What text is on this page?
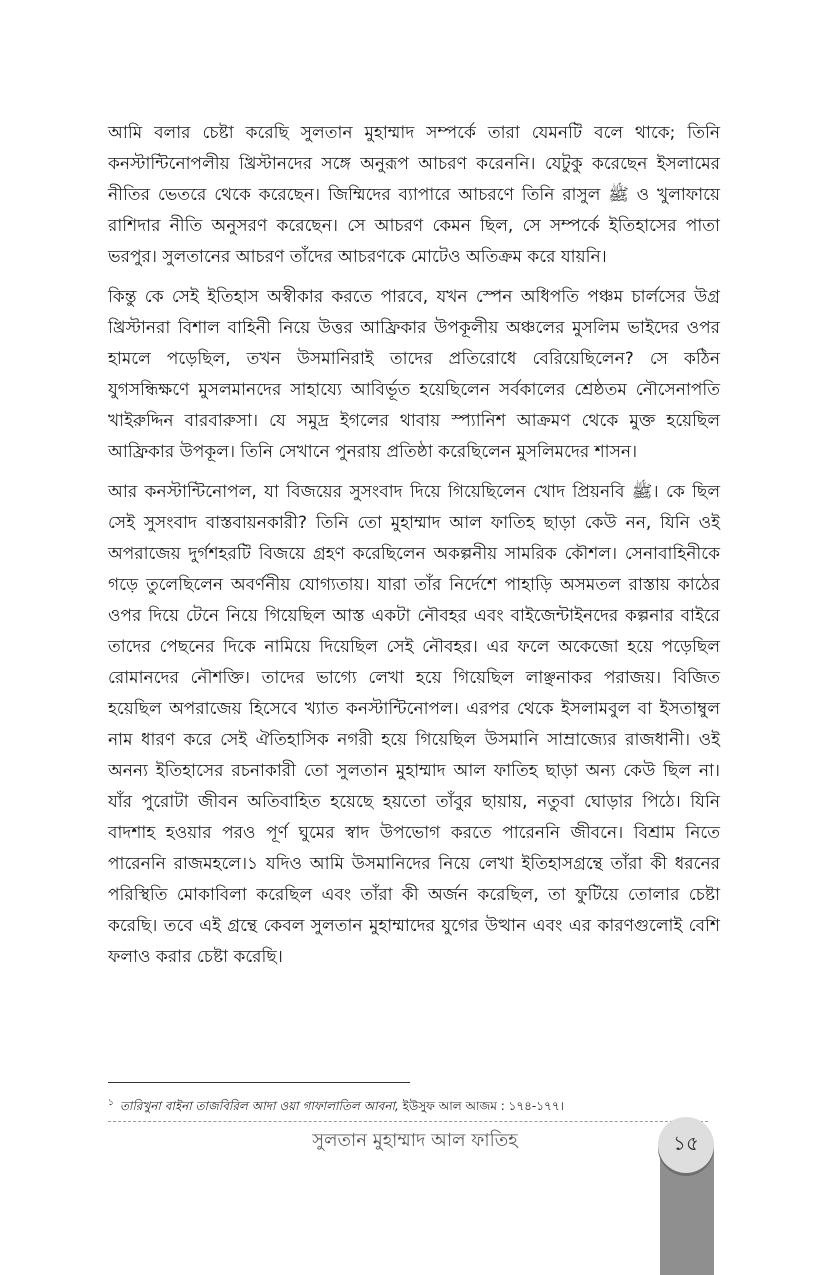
আমি বলার চেষ্টা করেছি সুলতান মুহাম্মাদ সম্পর্কে তারা যেমনটি বলে থাকে; তিনি কনস্টান্টিনোপলীয় খ্রিস্টানদের সঙ্গে অনুরূপ আচরণ করেননি। যেটুকু করেছেন ইসলামের নীতির ভেতরে থেকে করেছেন। জিম্মিদের ব্যাপারে আচরণে তিনি রাসুল ﷺ ও খুলাফায়ে রাশিদার নীতি অনুসরণ করেছেন। সে আচরণ কেমন ছিল, সে সম্পর্কে ইতিহাসের পাতা ভরপুর। সুলতানের আচরণ তাঁদের আচরণকে মোটেও অতিক্রম করে যায়নি।

কিন্তু কে সেই ইতিহাস অস্বীকার করতে পারবে, যখন স্পেন অধিপতি পঞ্চম চার্লসের উগ্র খ্রিস্টানরা বিশাল বাহিনী নিয়ে উত্তর আফ্রিকার উপকূলীয় অঞ্চলের মুসলিম ভাইদের ওপর হামলে পড়েছিল, তখন উসমানিরাই তাদের প্রতিরোধে বেরিয়েছিলেন? সে কঠিন যুগসন্ধিক্ষণে মুসলমানদের সাহায্যে আবির্ভূত হয়েছিলেন সর্বকালের শ্রেষ্ঠতম নৌসেনাপতি খাইরুদ্দিন বারবারুসা। যে সমুদ্র ইগলের থাবায় স্প্যানিশ আক্রমণ থেকে মুক্ত হয়েছিল আফ্রিকার উপকূল। তিনি সেখানে পুনরায় প্রতিষ্ঠা করেছিলেন মুসলিমদের শাসন।

আর কনস্টান্টিনোপল, যা বিজয়ের সুসংবাদ দিয়ে গিয়েছিলেন খোদ প্রিয়নবি ﷺ। কে ছিল সেই সুসংবাদ বাস্তবায়নকারী? তিনি তো মুহাম্মাদ আল ফাতিহ ছাড়া কেউ নন, যিনি ওই অপরাজেয় দুর্গশহরটি বিজয়ে গ্রহণ করেছিলেন অকল্পনীয় সামরিক কৌশল। সেনাবাহিনীকে গড়ে তুলেছিলেন অবর্ণনীয় যোগ্যতায়। যারা তাঁর নির্দেশে পাহাড়ি অসমতল রাস্তায় কাঠের ওপর দিয়ে টেনে নিয়ে গিয়েছিল আস্ত একটা নৌবহর এবং বাইজেন্টাইনদের কল্পনার বাইরে তাদের পেছনের দিকে নামিয়ে দিয়েছিল সেই নৌবহর। এর ফলে অকেজো হয়ে পড়েছিল রোমানদের নৌশক্তি। তাদের ভাগ্যে লেখা হয়ে গিয়েছিল লাঞ্ছনাকর পরাজয়। বিজিত হয়েছিল অপরাজেয় হিসেবে খ্যাত কনস্টান্টিনোপল। এরপর থেকে ইসলামবুল বা ইসতাম্বুল নাম ধারণ করে সেই ঐতিহাসিক নগরী হয়ে গিয়েছিল উসমানি সাম্রাজ্যের রাজধানী। ওই অনন্য ইতিহাসের রচনাকারী তো সুলতান মুহাম্মাদ আল ফাতিহ ছাড়া অন্য কেউ ছিল না। যাঁর পুরোটা জীবন অতিবাহিত হয়েছে হয়তো তাঁবুর ছায়ায়, নতুবা ঘোড়ার পিঠে। যিনি বাদশাহ হওয়ার পরও পূর্ণ ঘুমের স্বাদ উপভোগ করতে পারেননি জীবনে। বিশ্রাম নিতে পারেননি রাজমহলে।১ যদিও আমি উসমানিদের নিয়ে লেখা ইতিহাসগ্রন্থে তাঁরা কী ধরনের পরিস্থিতি মোকাবিলা করেছিল এবং তাঁরা কী অর্জন করেছিল, তা ফুটিয়ে তোলার চেষ্টা করেছি। তবে এই গ্রন্থে কেবল সুলতান মুহাম্মাদের যুগের উত্থান এবং এর কারণগুলোই বেশি ফলাও করার চেষ্টা করেছি।

$^১$ তারিখুনা বাইনা তাজবিরিল আদা ওয়া গাফালাতিল আবনা, ইউসুফ আল আজম : ১৭৪-১৭৭।
সুলতান মুহাম্মাদ আল ফাতিহ	১৫
